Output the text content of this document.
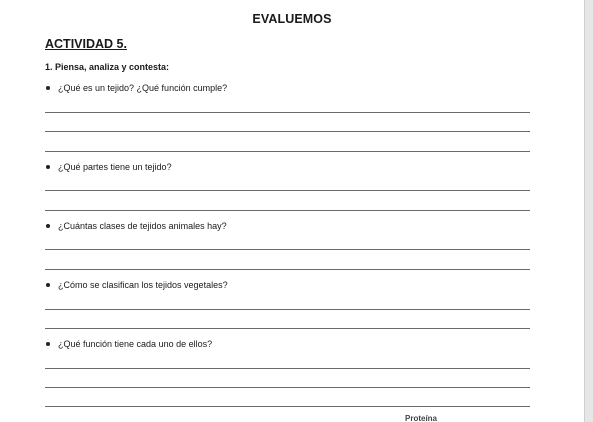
EVALUEMOS
ACTIVIDAD 5.
1. Piensa, analiza y contesta:
¿Qué es un tejido? ¿Qué función cumple?
¿Qué partes tiene un tejido?
¿Cuántas clases de tejidos animales hay?
¿Cómo se clasifican los tejidos vegetales?
¿Qué función tiene cada uno de ellos?
Proteína
